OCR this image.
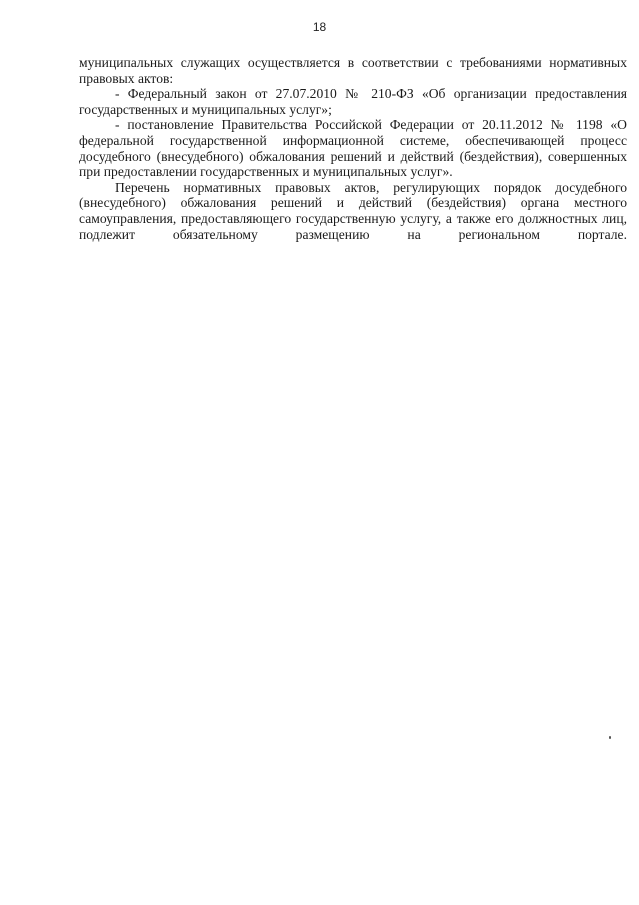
18

муниципальных служащих осуществляется в соответствии с требованиями нормативных правовых актов:

- Федеральный закон от 27.07.2010 № 210-ФЗ «Об организации предоставления государственных и муниципальных услуг»;

- постановление Правительства Российской Федерации от 20.11.2012 № 1198 «О федеральной государственной информационной системе, обеспечивающей процесс досудебного (внесудебного) обжалования решений и действий (бездействия), совершенных при предоставлении государственных и муниципальных услуг».

Перечень нормативных правовых актов, регулирующих порядок досудебного (внесудебного) обжалования решений и действий (бездействия) органа местного самоуправления, предоставляющего государственную услугу, а также его должностных лиц, подлежит обязательному размещению на региональном портале.
